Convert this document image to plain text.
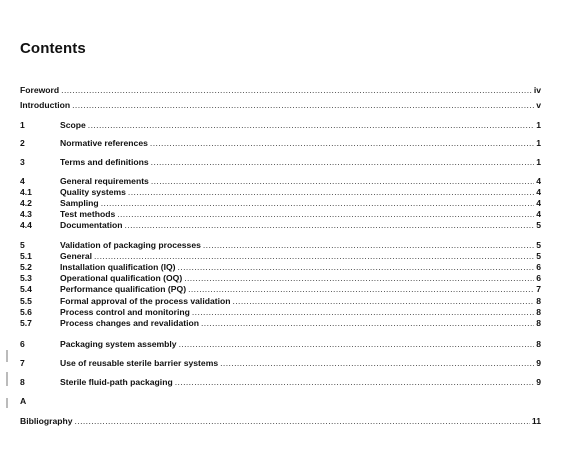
Contents
Foreword .....	iv
Introduction .....	v
1	Scope .....	1
2	Normative references .....	1
3	Terms and definitions .....	1
4	General requirements .....	4
4.1	Quality systems .....	4
4.2	Sampling .....	4
4.3	Test methods .....	4
4.4	Documentation .....	5
5	Validation of packaging processes .....	5
5.1	General .....	5
5.2	Installation qualification (IQ) .....	6
5.3	Operational qualification (OQ) .....	6
5.4	Performance qualification (PQ) .....	7
5.5	Formal approval of the process validation .....	8
5.6	Process control and monitoring .....	8
5.7	Process changes and revalidation .....	8
6	Packaging system assembly .....	8
7	Use of reusable sterile barrier systems .....	9
8	Sterile fluid-path packaging .....	9
A
Bibliography .....	11
